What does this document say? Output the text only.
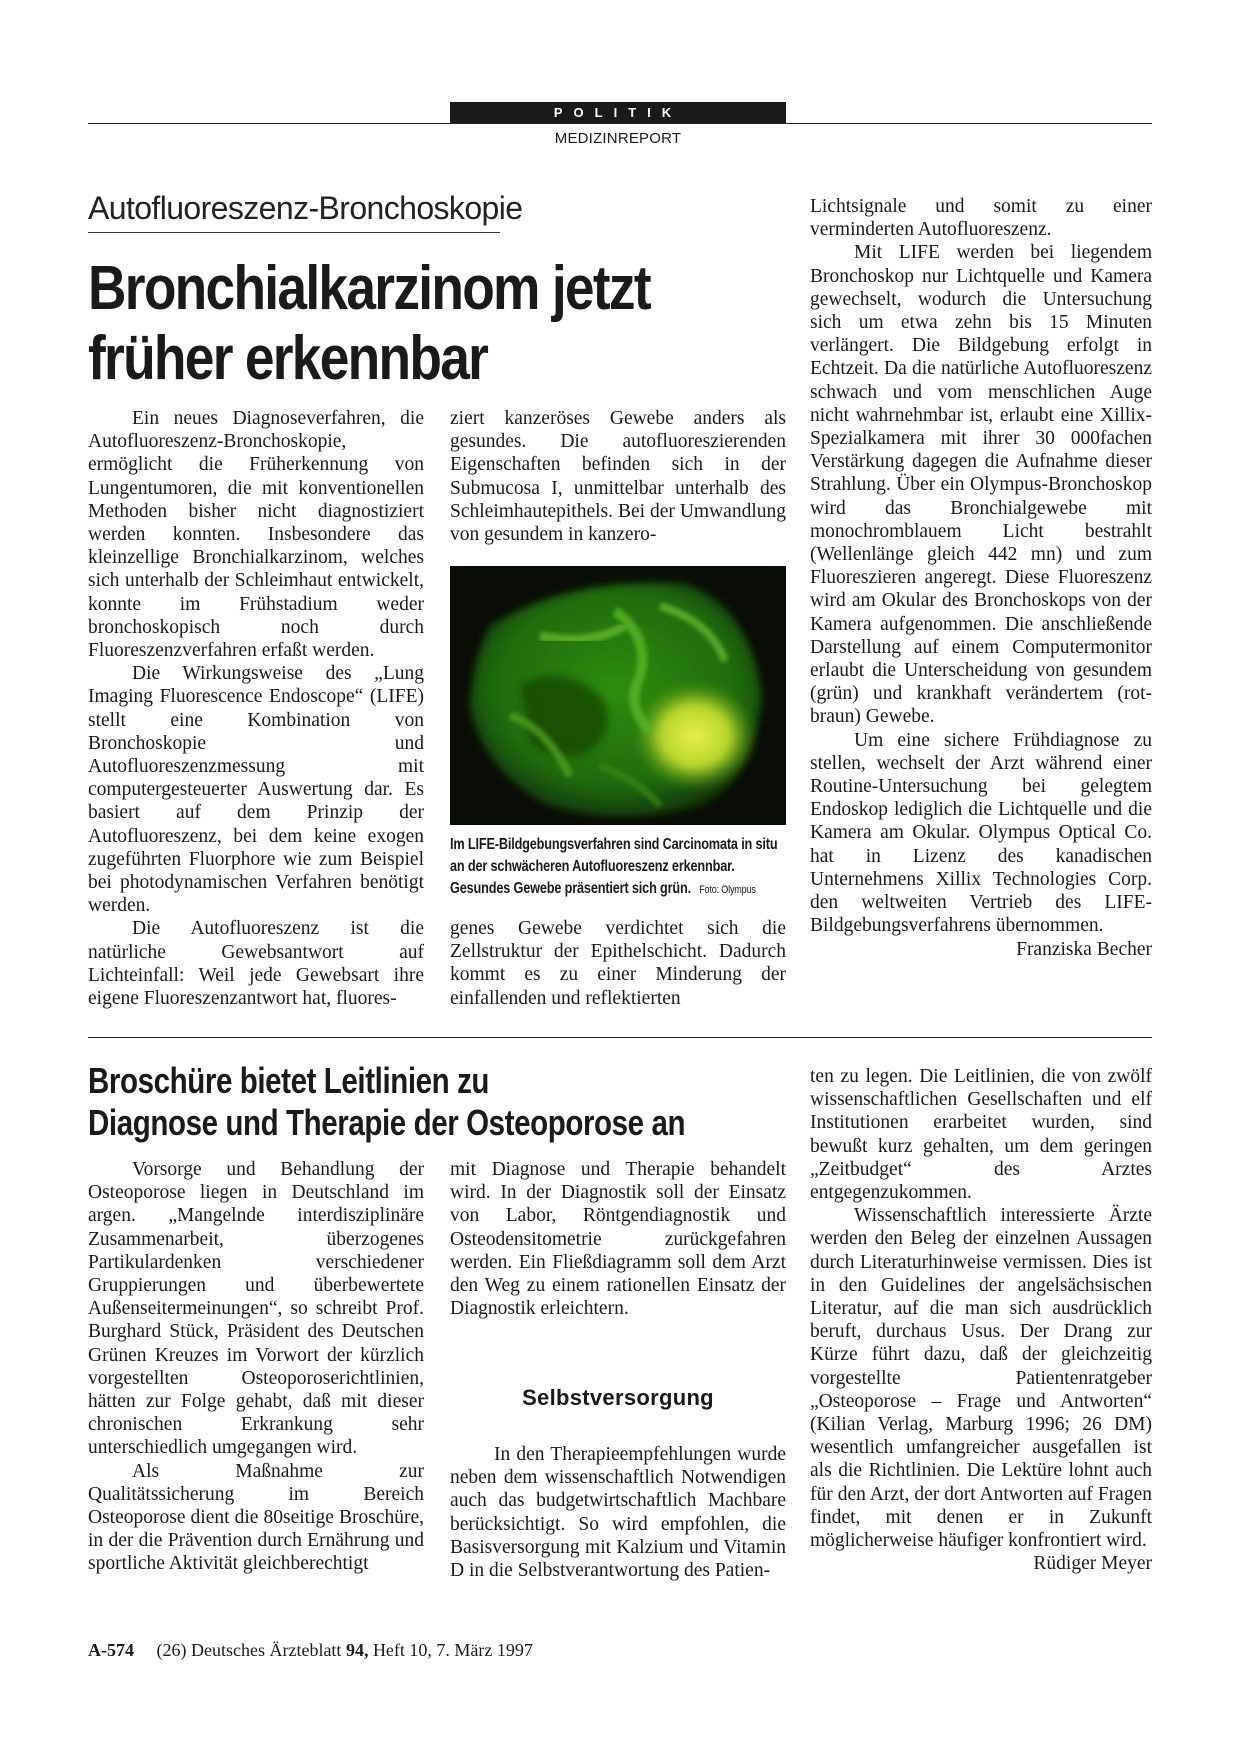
POLITIK
MEDIZINREPORT
Autofluoreszenz-Bronchoskopie
Bronchialkarzinom jetzt früher erkennbar

Ein neues Diagnoseverfahren, die Autofluoreszenz-Bronchoskopie, ermöglicht die Früherkennung von Lungentumoren, die mit konventionellen Methoden bisher nicht diagnostiziert werden konnten. Insbesondere das kleinzellige Bronchialkarzinom, welches sich unterhalb der Schleimhaut entwickelt, konnte im Frühstadium weder bronchoskopisch noch durch Fluoreszenzverfahren erfaßt werden.

Die Wirkungsweise des „Lung Imaging Fluorescence Endoscope“ (LIFE) stellt eine Kombination von Bronchoskopie und Autofluoreszenzmessung mit computergesteuerter Auswertung dar. Es basiert auf dem Prinzip der Autofluoreszenz, bei dem keine exogen zugeführten Fluorphore wie zum Beispiel bei photodynamischen Verfahren benötigt werden.

Die Autofluoreszenz ist die natürliche Gewebsantwort auf Lichteinfall: Weil jede Gewebsart ihre eigene Fluoreszenzantwort hat, fluores-

ziert kanzeröses Gewebe anders als gesundes. Die autofluoreszierenden Eigenschaften befinden sich in der Submucosa I, unmittelbar unterhalb des Schleimhautepithels. Bei der Umwandlung von gesundem in kanzero-

Im LIFE-Bildgebungsverfahren sind Carcinomata in situ an der schwächeren Autofluoreszenz erkennbar. Gesundes Gewebe präsentiert sich grün. Foto: Olympus

genes Gewebe verdichtet sich die Zellstruktur der Epithelschicht. Dadurch kommt es zu einer Minderung der einfallenden und reflektierten

Lichtsignale und somit zu einer verminderten Autofluoreszenz.

Mit LIFE werden bei liegendem Bronchoskop nur Lichtquelle und Kamera gewechselt, wodurch die Untersuchung sich um etwa zehn bis 15 Minuten verlängert. Die Bildgebung erfolgt in Echtzeit. Da die natürliche Autofluoreszenz schwach und vom menschlichen Auge nicht wahrnehmbar ist, erlaubt eine Xillix-Spezialkamera mit ihrer 30 000fachen Verstärkung dagegen die Aufnahme dieser Strahlung. Über ein Olympus-Bronchoskop wird das Bronchialgewebe mit monochromblauem Licht bestrahlt (Wellenlänge gleich 442 mn) und zum Fluoreszieren angeregt. Diese Fluoreszenz wird am Okular des Bronchoskops von der Kamera aufgenommen. Die anschließende Darstellung auf einem Computermonitor erlaubt die Unterscheidung von gesundem (grün) und krankhaft verändertem (rot-braun) Gewebe.

Um eine sichere Frühdiagnose zu stellen, wechselt der Arzt während einer Routine-Untersuchung bei gelegtem Endoskop lediglich die Lichtquelle und die Kamera am Okular. Olympus Optical Co. hat in Lizenz des kanadischen Unternehmens Xillix Technologies Corp. den weltweiten Vertrieb des LIFE-Bildgebungsverfahrens übernommen.
Franziska Becher

Broschüre bietet Leitlinien zu
Diagnose und Therapie der Osteoporose an

Vorsorge und Behandlung der Osteoporose liegen in Deutschland im argen. „Mangelnde interdisziplinäre Zusammenarbeit, überzogenes Partikulardenken verschiedener Gruppierungen und überbewertete Außenseitermeinungen“, so schreibt Prof. Burghard Stück, Präsident des Deutschen Grünen Kreuzes im Vorwort der kürzlich vorgestellten Osteoporoserichtlinien, hätten zur Folge gehabt, daß mit dieser chronischen Erkrankung sehr unterschiedlich umgegangen wird.

Als Maßnahme zur Qualitätssicherung im Bereich Osteoporose dient die 80seitige Broschüre, in der die Prävention durch Ernährung und sportliche Aktivität gleichberechtigt

mit Diagnose und Therapie behandelt wird. In der Diagnostik soll der Einsatz von Labor, Röntgendiagnostik und Osteodensitometrie zurückgefahren werden. Ein Fließdiagramm soll dem Arzt den Weg zu einem rationellen Einsatz der Diagnostik erleichtern.

Selbstversorgung

In den Therapieempfehlungen wurde neben dem wissenschaftlich Notwendigen auch das budgetwirtschaftlich Machbare berücksichtigt. So wird empfohlen, die Basisversorgung mit Kalzium und Vitamin D in die Selbstverantwortung des Patien-

ten zu legen. Die Leitlinien, die von zwölf wissenschaftlichen Gesellschaften und elf Institutionen erarbeitet wurden, sind bewußt kurz gehalten, um dem geringen „Zeitbudget“ des Arztes entgegenzukommen.

Wissenschaftlich interessierte Ärzte werden den Beleg der einzelnen Aussagen durch Literaturhinweise vermissen. Dies ist in den Guidelines der angelsächsischen Literatur, auf die man sich ausdrücklich beruft, durchaus Usus. Der Drang zur Kürze führt dazu, daß der gleichzeitig vorgestellte Patientenratgeber „Osteoporose – Frage und Antworten“ (Kilian Verlag, Marburg 1996; 26 DM) wesentlich umfangreicher ausgefallen ist als die Richtlinien. Die Lektüre lohnt auch für den Arzt, der dort Antworten auf Fragen findet, mit denen er in Zukunft möglicherweise häufiger konfrontiert wird.
Rüdiger Meyer

A-574 (26) Deutsches Ärzteblatt 94, Heft 10, 7. März 1997
